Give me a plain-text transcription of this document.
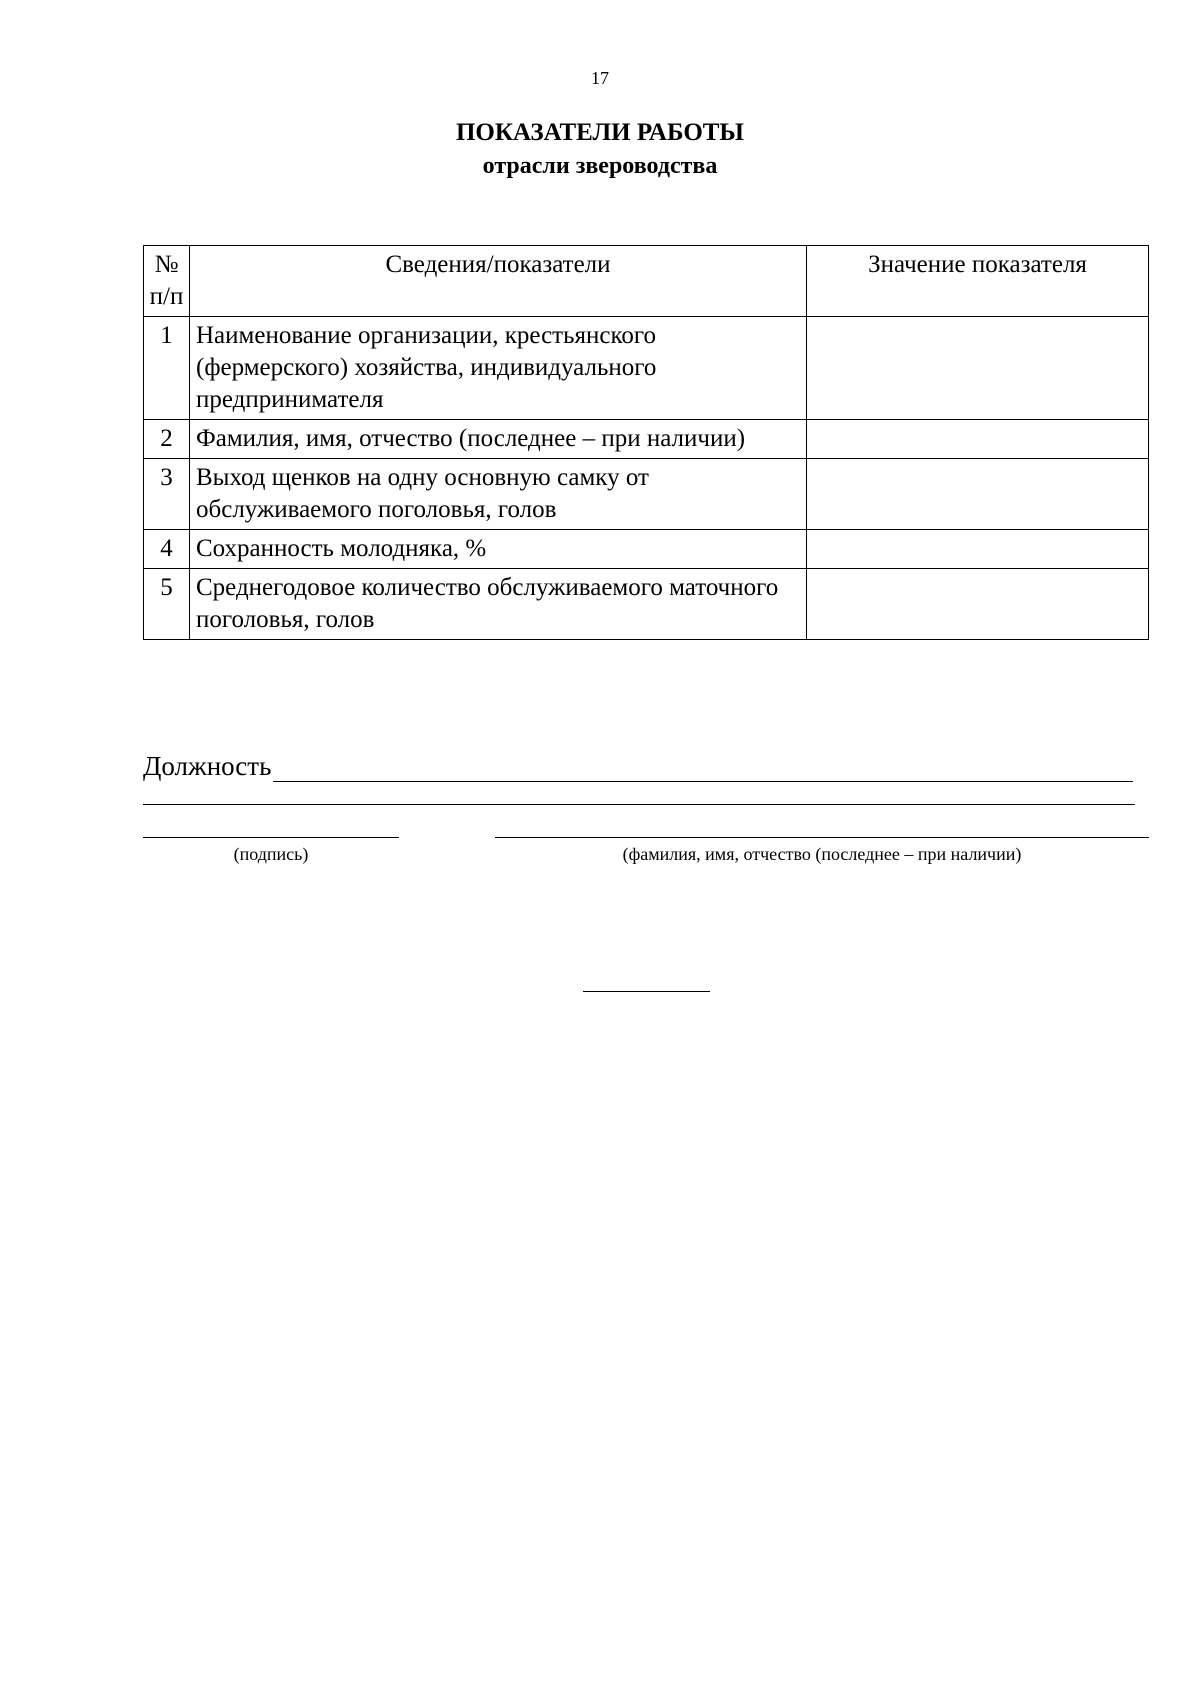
17
ПОКАЗАТЕЛИ РАБОТЫ
отрасли звероводства
№ п/п	Сведения/показатели	Значение показателя
1	Наименование организации, крестьянского (фермерского) хозяйства, индивидуального предпринимателя	
2	Фамилия, имя, отчество (последнее – при наличии)	
3	Выход щенков на одну основную самку от обслуживаемого поголовья, голов	
4	Сохранность молодняка, %	
5	Среднегодовое количество обслуживаемого маточного поголовья, голов	
Должность
(подпись)	(фамилия, имя, отчество (последнее – при наличии)
